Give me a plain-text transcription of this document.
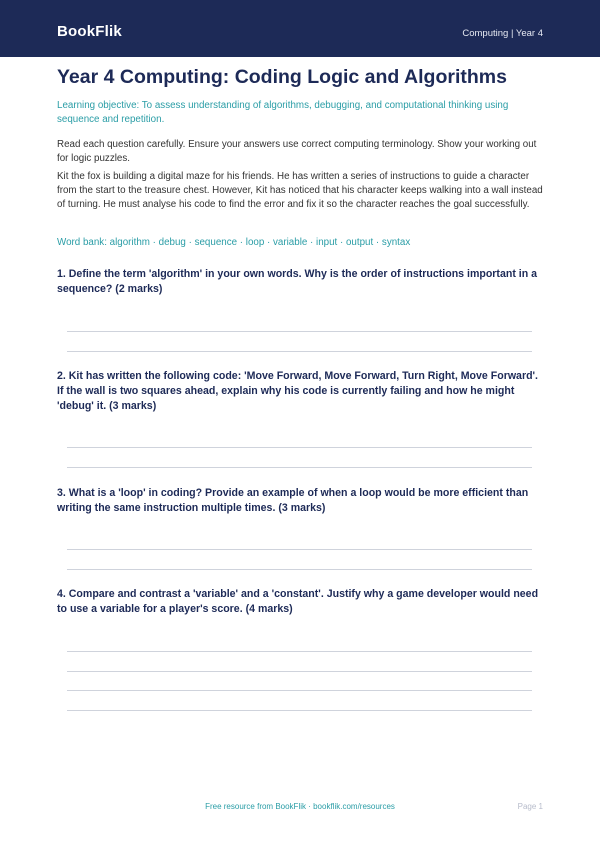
BookFlik	Computing | Year 4
Year 4 Computing: Coding Logic and Algorithms
Learning objective: To assess understanding of algorithms, debugging, and computational thinking using sequence and repetition.
Read each question carefully. Ensure your answers use correct computing terminology. Show your working out for logic puzzles.
Kit the fox is building a digital maze for his friends. He has written a series of instructions to guide a character from the start to the treasure chest. However, Kit has noticed that his character keeps walking into a wall instead of turning. He must analyse his code to find the error and fix it so the character reaches the goal successfully.
Word bank: algorithm · debug · sequence · loop · variable · input · output · syntax

1. Define the term 'algorithm' in your own words. Why is the order of instructions important in a sequence? (2 marks)

2. Kit has written the following code: 'Move Forward, Move Forward, Turn Right, Move Forward'. If the wall is two squares ahead, explain why his code is currently failing and how he might 'debug' it. (3 marks)

3. What is a 'loop' in coding? Provide an example of when a loop would be more efficient than writing the same instruction multiple times. (3 marks)

4. Compare and contrast a 'variable' and a 'constant'. Justify why a game developer would need to use a variable for a player's score. (4 marks)

Free resource from BookFlik · bookflik.com/resources	Page 1
